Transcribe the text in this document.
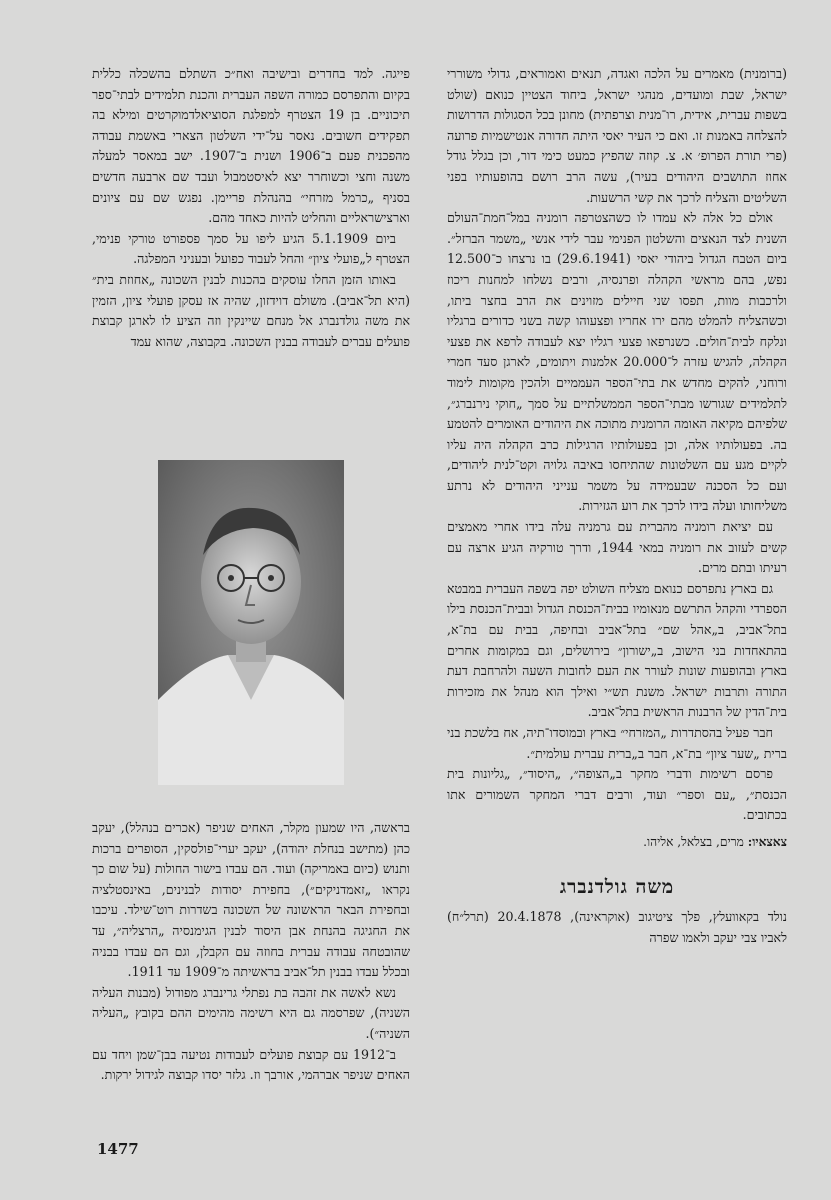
(ברומנית) מאמרים על הלכה ואגדה, תנאים ואמוראים, גדולי משוררי ישראל, שבת ומועדים, מנהגי ישראל, ביחוד הצטיין כנואם (שולט בשפות עברית, אידית, רו־מנית וצרפתית) מחונן בכל הסגולות הדרושות להצלחה באמנות זו. ואם כי העיר יאסי היתה חדורה אנטישמיות פרועה (פרי תורת הפרופ׳ א. צ. קוזה שהפיץ כמעט כימי דור, וכן בגלל גודל אחוז התושבים היהודים בעיר), עשה הרב רושם בהופעותיו בפני השליטים והצליח לרכך את קשי הרשעות.

אולם כל אלה לא עמדו לו כשהצטרפה רומניה במל־חמת־העולם השנית לצד הנאצים והשלטון הפנימי עבר לידי אנשי „משמר הברזל״. ביום הטבח הגדול ביהודי יאסי (29.6.1941) בו נרצחו כ־12.500 נפש, בהם מראשי הקהלה ופרנסיה, ורבים נשלחו למחנות ריכוז ולרכבות מוות, תפסו שני חיילים מזוינים את הרב בחצר ביתו, וכשהצליח להמלט מהם ירו אחריו ופצעוהו קשה בשני כדורים ברגליו ונלקח לבית־חולים. כשנרפאו פצעי רגליו יצא לעבודה לרפא את פצעי הקהלה, להגיש עזרה ל־20.000 אלמנות ויתומים, לארגן סעד חמרי ורוחני, להקים מחדש את בתי־הספר העממיים ולהכין מקומות לימוד לתלמידים שגורשו מבתי־הספר הממשלתיים על סמך „חוקי נירנברג״, שלפיהם מקיאה האומה הרומנית מתוכה את היהודים האומרים להטמע בה. בפעולותיו אלה, וכן בפעולותיו הרגילות כרב הקהלה היה עליו לקיים מגע עם השלטונות שהתיחסו באיבה גלויה וקט־לנית ליהודים, ועם כל הסכנה שבעמידה על משמר ענייני היהודים לא נרתע משליחותו ועלה בידו לרכך את רוע הגזירות.

עם יציאת רומניה מהברית עם גרמניה עלה בידו אחרי מאמצים קשים לעזוב את רומניה במאי 1944, ודרך טורקיה הגיע ארצה עם רעיתו ובתם מרים.

גם בארץ נתפרסם כנואם מצליח השולט יפה בשפה העברית במבטא הספרדי והקהל התרשם מנאומיו בבית־הכנסת הגדול ובבית־הכנסת בילו בתל־אביב, ב„אהל שם״ בתל־אביב ובחיפה, בבית עם בת־א, בהתאחדות בני הישוב, ב„ישורון״ בירושלים, וגם במקומות אחרים בארץ ובהופעות שונות לעורר את העם לחובות השעה ולהרחבת דעת התורה ותרבות ישראל. משנת תש״י ואילך הוא מנהל את מזכירות בית־הדין של הרבנות הראשית בתל־אביב.

חבר פעיל בהסתדרות „המזרחי״ בארץ ובמוסדו־תיה, אח בלשכת בני ברית „שער ציון״ בת־א, חבר ב„ברית עברית עולמית״.

פרסם רשימות ודברי מחקר ב„הצופה״, „היסוד״, „גליונות בית הכנסת״, „עם וספר״ ועוד, ורבים דברי המחקר השמורים אתו בכתובים.

צאצאיו: מרים, בצלאל, אליהו.
משה גולדנברג

נולד בקאוועלץ, פלך ציטיגוב (אוקראינה), 20.4.1878 (תרל״ח) לאביו צבי יעקב ולאמו שפרה

פייגה. למד בחדרים ובישיבה ואח״כ השתלם בהשכלה כללית בקיום והתפרסם כמורה השפה העברית והכנת תלמידים לבתי־ספר תיכוניים. בן 19 הצטרף למפלגת הסוציאלדמוקרטים ומילא בה תפקידים חשובים. נאסר על־ידי השלטון הצארי באשמת עבודה מהפכנית פעם ב־1906 ושנית ב־1907. ישב במאסר למעלה משנה וחצי וכשוחרר יצא לאיסטמבול ועבד שם ארבעה חדשים בסניף „כרמל מזרחי״ בהנהלת פריימן. נפגש שם עם ציונים וארצישראליים והחליט להיות כאחד מהם.

ביום 5.1.1909 הגיע ליפו על סמך פספורט טורקי פנימי, הצטרף ל„פועלי ציון״ והחל לעבוד כפועל ובעניני המפלגה.

באותו הזמן החלו עוסקים בהכנות לבנין השכונה „אחוזת בית״ (היא תל־אביב). משולם דוידזון, שהיה אז עסקן פועלי ציון, הזמין את משה גולדנברג אל מנחם שיינקין וזה הציע לו לארגן קבוצת פועלים עברים לעבודה בבנין השכונה. בקבוצה, שהוא עמד

בראשה, היו שמעון מקלר, האחים שניפר (אכרים בנהלל), יעקב כהן (מתישב בנחלת יהודה), יעקב יערי־פולסקין, הסופרים ברכות ותנוש (כיום באמריקה) ועוד. הם עבדו בישור החולות (על שום כך נקראו „זאמדניקים״), בחפירת יסודות לבנינים, באינסטלציה ובחפירת הבאר הראשונה של השכונה בשדרות רוט־שילד. עיכבו את החגיגה בהנחת אבן היסוד לבנין הגימנסיה „הרצליה״, עד שהובטחה עבודה עברית בחוזה עם הקבלן, וגם הם עבדו בבניה ובכלל עבדו בבנין תל־אביב בראשיתה מ־1909 עד 1911.

נשא לאשה את זהבה בת נפתלי גרינברג מפודול (מבנות העליה השניה), שפרסמה גם היא רשימה מהימים ההם בקובץ „העליה השניה״).

ב־1912 עם קבוצת פועלים לעבודות נטיעה בבן־שמן ויחד עם האחים שניפר אברהמי, אורבך וז. גלזר יסדו קבוצה לגידול ירקות.

1477
